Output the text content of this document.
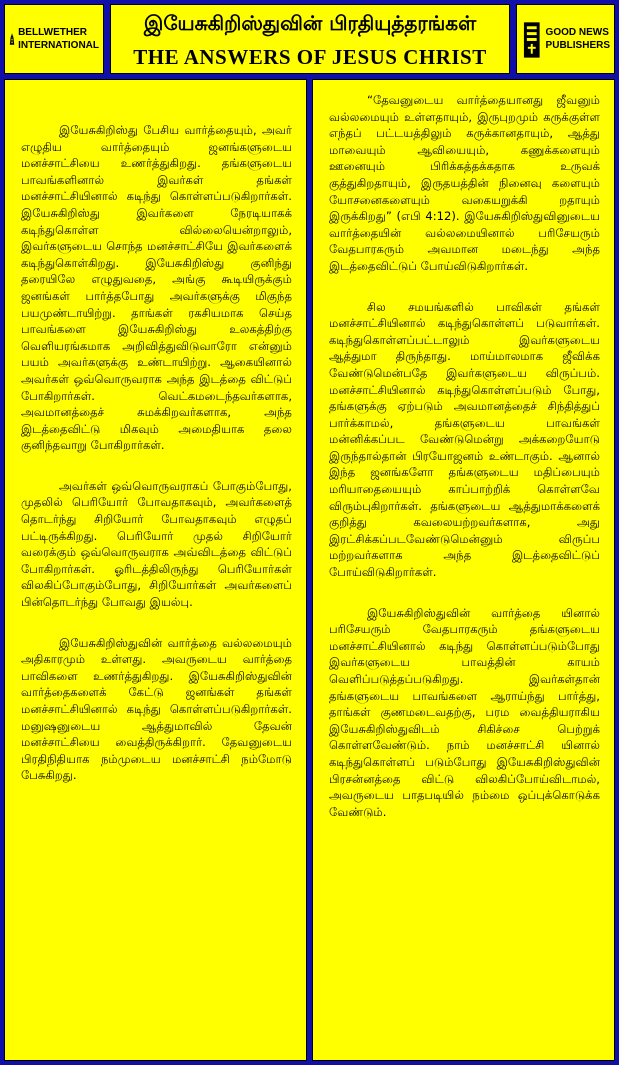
BELLWETHER
INTERNATIONAL
இயேசுகிறிஸ்துவின் பிரதியுத்தரங்கள்
THE ANSWERS OF JESUS CHRIST
GOOD NEWS
PUBLISHERS

இயேசுகிறிஸ்து பேசிய வார்த்தையும், அவர் எழுதிய வார்த்தையும் ஜனங்களுடைய மனச்சாட்சியை உணர்த்துகிறது. தங்களுடைய பாவங்களினால் இவர்கள் தங்கள் மனச்சாட்சியினால் கடிந்து கொள்ளப்படுகிறார்கள். இயேசுகிறிஸ்து இவர்களை நேரடியாகக் கடிந்துகொள்ள வில்லையென்றாலும், இவர்களுடைய சொந்த மனச்சாட்சியே இவர்களைக் கடிந்துகொள்கிறது. இயேசுகிறிஸ்து குனிந்து தரையிலே எழுதுவதை, அங்கு கூடியிருக்கும் ஜனங்கள் பார்த்தபோது அவர்களுக்கு மிகுந்த பயமுண்டாயிற்று. தாங்கள் ரகசியமாக செய்த பாவங்களை இயேசுகிறிஸ்து உலகத்திற்கு வெளியரங்கமாக அறிவித்துவிடுவாரோ என்னும் பயம் அவர்களுக்கு உண்டாயிற்று. ஆகையினால் அவர்கள் ஒவ்வொருவராக அந்த இடத்தை விட்டுப் போகிறார்கள். வெட்கமடைந்தவர்களாக, அவமானத்தைச் சுமக்கிறவர்களாக, அந்த இடத்தைவிட்டு மிகவும் அமைதியாக தலை குனிந்தவாறு போகிறார்கள்.

அவர்கள் ஒவ்வொருவராகப் போகும்போது, முதலில் பெரியோர் போவதாகவும், அவர்களைத் தொடர்ந்து சிறியோர் போவதாகவும் எழுதப் பட்டிருக்கிறது. பெரியோர் முதல் சிறியோர் வரைக்கும் ஒவ்வொருவராக அவ்விடத்தை விட்டுப் போகிறார்கள். ஓரிடத்திலிருந்து பெரியோர்கள் விலகிப்போகும்போது, சிறியோர்கள் அவர்களைப் பின்தொடர்ந்து போவது இயல்பு.

இயேசுகிறிஸ்துவின் வார்த்தை வல்லமையும் அதிகாரமும் உள்ளது. அவருடைய வார்த்தை பாவிகளை உணர்த்துகிறது. இயேசுகிறிஸ்துவின் வார்த்தைகளைக் கேட்டு ஜனங்கள் தங்கள் மனச்சாட்சியினால் கடிந்து கொள்ளப்படுகிறார்கள். மனுஷனுடைய ஆத்துமாவில் தேவன் மனச்சாட்சியை வைத்திருக்கிறார். தேவனுடைய பிரதிநிதியாக நம்முடைய மனச்சாட்சி நம்மோடு பேசுகிறது.

“தேவனுடைய வார்த்தையானது ஜீவனும் வல்லமையும் உள்ளதாயும், இருபுறமும் கருக்குள்ள எந்தப் பட்டயத்திலும் கருக்கானதாயும், ஆத்து மாவையும் ஆவியையும், கணுக்களையும் ஊனையும் பிரிக்கத்தக்கதாக உருவக் குத்துகிறதாயும், இருதயத்தின் நினைவு களையும் யோசனைகளையும் வகையறுக்கி றதாயும் இருக்கிறது” (எபி 4:12). இயேசுகிறிஸ்துவினுடைய வார்த்தையின் வல்லமையினால் பரிசேயரும் வேதபாரகரும் அவமான மடைந்து அந்த இடத்தைவிட்டுப் போய்விடுகிறார்கள்.

சில சமயங்களில் பாவிகள் தங்கள் மனச்சாட்சியினால் கடிந்துகொள்ளப் படுவார்கள். கடிந்துகொள்ளப்பட்டாலும் இவர்களுடைய ஆத்துமா திருந்தாது. மாய்மாலமாக ஜீவிக்க வேண்டுமென்பதே இவர்களுடைய விருப்பம். மனச்சாட்சியினால் கடிந்துகொள்ளப்படும் போது, தங்களுக்கு ஏற்படும் அவமானத்தைச் சிந்தித்துப் பார்க்காமல், தங்களுடைய பாவங்கள் மன்னிக்கப்பட வேண்டுமென்று அக்கறையோடு இருந்தால்தான் பிரயோஜனம் உண்டாகும். ஆனால் இந்த ஜனங்களோ தங்களுடைய மதிப்பையும் மரியாதையையும் காப்பாற்றிக் கொள்ளவே விரும்புகிறார்கள். தங்களுடைய ஆத்துமாக்களைக் குறித்து கவலையற்றவர்களாக, அது இரட்சிக்கப்படவேண்டுமென்னும் விருப்ப மற்றவர்களாக அந்த இடத்தைவிட்டுப் போய்விடுகிறார்கள்.

இயேசுகிறிஸ்துவின் வார்த்தை யினால் பரிசேயரும் வேதபாரகரும் தங்களுடைய மனச்சாட்சியினால் கடிந்து கொள்ளப்படும்போது இவர்களுடைய பாவத்தின் காயம் வெளிப்படுத்தப்படுகிறது. இவர்கள்தான் தங்களுடைய பாவங்களை ஆராய்ந்து பார்த்து, தாங்கள் குணமடைவதற்கு, பரம வைத்தியராகிய இயேசுகிறிஸ்துவிடம் சிகிச்சை பெற்றுக் கொள்ளவேண்டும். நாம் மனச்சாட்சி யினால் கடிந்துகொள்ளப் படும்போது இயேசுகிறிஸ்துவின் பிரசன்னத்தை விட்டு விலகிப்போய்விடாமல், அவருடைய பாதபடியில் நம்மை ஒப்புக்கொடுக்க வேண்டும்.
